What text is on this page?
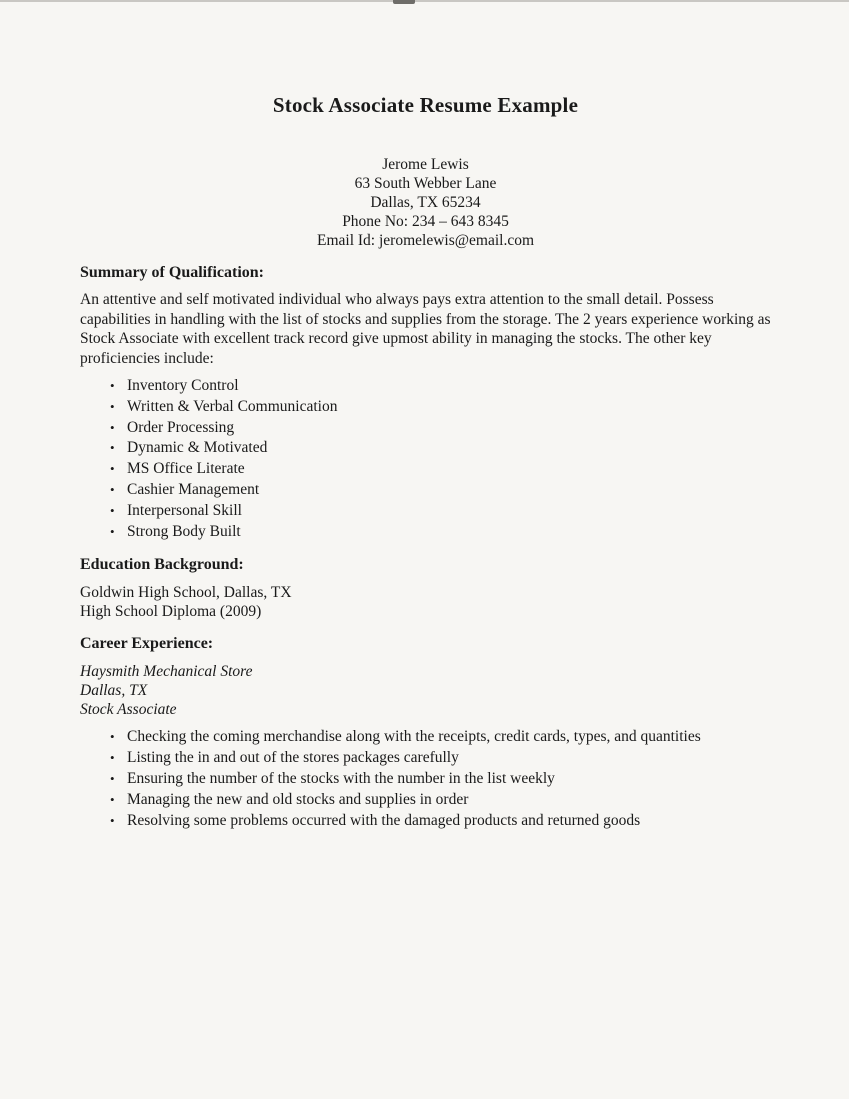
Stock Associate Resume Example
Jerome Lewis
63 South Webber Lane
Dallas, TX 65234
Phone No: 234 – 643 8345
Email Id: jeromelewis@email.com
Summary of Qualification:

An attentive and self motivated individual who always pays extra attention to the small detail. Possess capabilities in handling with the list of stocks and supplies from the storage. The 2 years experience working as Stock Associate with excellent track record give upmost ability in managing the stocks. The other key proficiencies include:

• Inventory Control
• Written & Verbal Communication
• Order Processing
• Dynamic & Motivated
• MS Office Literate
• Cashier Management
• Interpersonal Skill
• Strong Body Built
Education Background:
Goldwin High School, Dallas, TX
High School Diploma (2009)
Career Experience:
Haysmith Mechanical Store
Dallas, TX
Stock Associate
• Checking the coming merchandise along with the receipts, credit cards, types, and quantities
• Listing the in and out of the stores packages carefully
• Ensuring the number of the stocks with the number in the list weekly
• Managing the new and old stocks and supplies in order
• Resolving some problems occurred with the damaged products and returned goods
